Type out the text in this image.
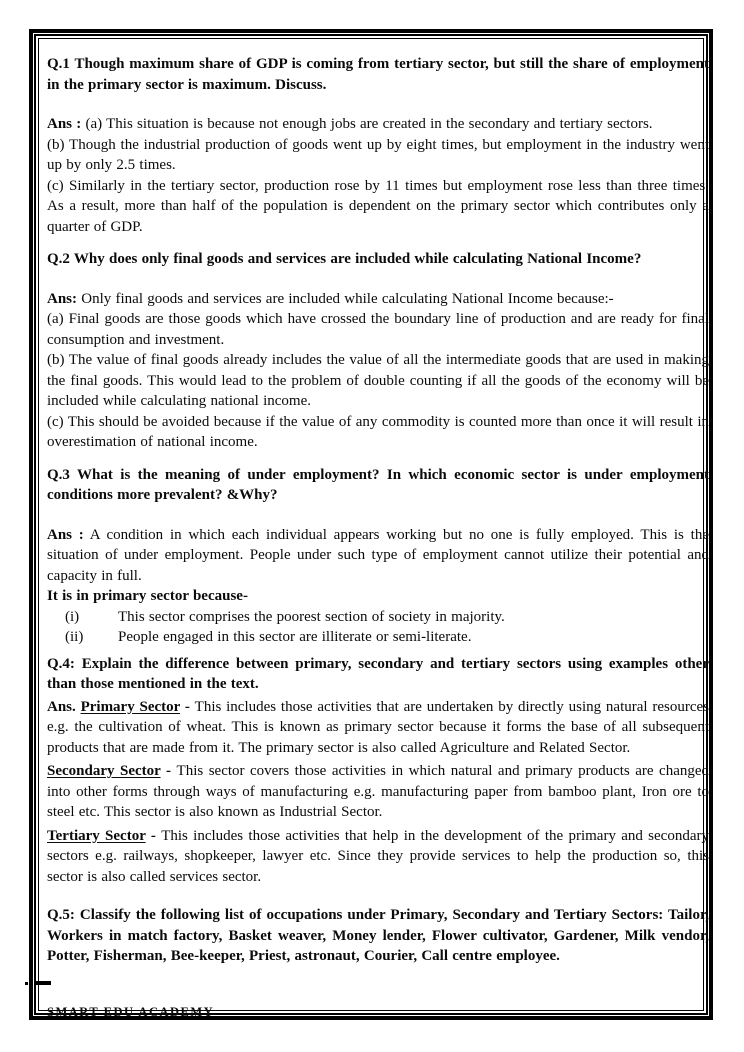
Q.1 Though maximum share of GDP is coming from tertiary sector, but still the share of employment in the primary sector is maximum. Discuss.

Ans : (a) This situation is because not enough jobs are created in the secondary and tertiary sectors.

(b) Though the industrial production of goods went up by eight times, but employment in the industry went up by only 2.5 times.

(c) Similarly in the tertiary sector, production rose by 11 times but employment rose less than three times. As a result, more than half of the population is dependent on the primary sector which contributes only a quarter of GDP.

Q.2 Why does only final goods and services are included while calculating National Income?

Ans: Only final goods and services are included while calculating National Income because:-

(a) Final goods are those goods which have crossed the boundary line of production and are ready for final consumption and investment.

(b) The value of final goods already includes the value of all the intermediate goods that are used in making the final goods. This would lead to the problem of double counting if all the goods of the economy will be included while calculating national income.

(c) This should be avoided because if the value of any commodity is counted more than once it will result in overestimation of national income.

Q.3 What is the meaning of under employment? In which economic sector is under employment conditions more prevalent? &Why?

Ans : A condition in which each individual appears working but no one is fully employed. This is the situation of under employment. People under such type of employment cannot utilize their potential and capacity in full.

It is in primary sector because-

(i)	This sector comprises the poorest section of society in majority.

(ii) People engaged in this sector are illiterate or semi-literate.

Q.4: Explain the difference between primary, secondary and tertiary sectors using examples other than those mentioned in the text.

Ans. Primary Sector - This includes those activities that are undertaken by directly using natural resources e.g. the cultivation of wheat. This is known as primary sector because it forms the base of all subsequent products that are made from it. The primary sector is also called Agriculture and Related Sector.

Secondary Sector - This sector covers those activities in which natural and primary products are changed into other forms through ways of manufacturing e.g. manufacturing paper from bamboo plant, Iron ore to steel etc. This sector is also known as Industrial Sector.

Tertiary Sector - This includes those activities that help in the development of the primary and secondary sectors e.g. railways, shopkeeper, lawyer etc. Since they provide services to help the production so, this sector is also called services sector.

Q.5: Classify the following list of occupations under Primary, Secondary and Tertiary Sectors: Tailor, Workers in match factory, Basket weaver, Money lender, Flower cultivator, Gardener, Milk vendor, Potter, Fisherman, Bee-keeper, Priest, astronaut, Courier, Call centre employee.

SMART EDU ACADEMY
